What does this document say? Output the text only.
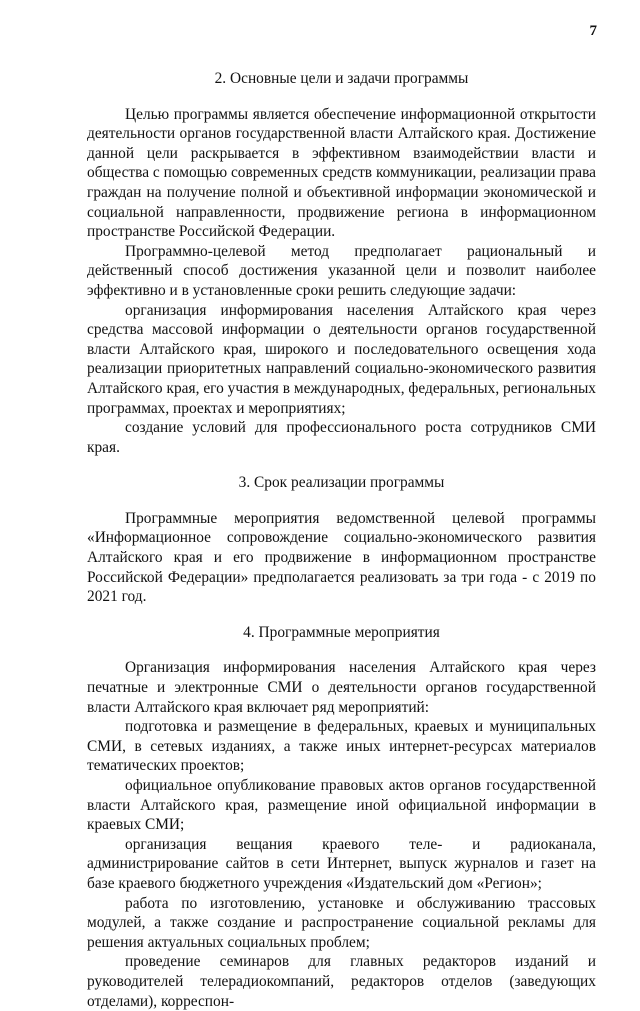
7
2. Основные цели и задачи программы

Целью программы является обеспечение информационной открытости деятельности органов государственной власти Алтайского края. Достижение данной цели раскрывается в эффективном взаимодействии власти и общества с помощью современных средств коммуникации, реализации права граждан на получение полной и объективной информации экономической и социальной направленности, продвижение региона в информационном пространстве Российской Федерации.

Программно-целевой метод предполагает рациональный и действенный способ достижения указанной цели и позволит наиболее эффективно и в установленные сроки решить следующие задачи:

организация информирования населения Алтайского края через средства массовой информации о деятельности органов государственной власти Алтайского края, широкого и последовательного освещения хода реализации приоритетных направлений социально-экономического развития Алтайского края, его участия в международных, федеральных, региональных программах, проектах и мероприятиях;

создание условий для профессионального роста сотрудников СМИ края.

3. Срок реализации программы

Программные мероприятия ведомственной целевой программы «Информационное сопровождение социально-экономического развития Алтайского края и его продвижение в информационном пространстве Российской Федерации» предполагается реализовать за три года - с 2019 по 2021 год.

4. Программные мероприятия

Организация информирования населения Алтайского края через печатные и электронные СМИ о деятельности органов государственной власти Алтайского края включает ряд мероприятий:

подготовка и размещение в федеральных, краевых и муниципальных СМИ, в сетевых изданиях, а также иных интернет-ресурсах материалов тематических проектов;

официальное опубликование правовых актов органов государственной власти Алтайского края, размещение иной официальной информации в краевых СМИ;

организация вещания краевого теле- и радиоканала, администрирование сайтов в сети Интернет, выпуск журналов и газет на базе краевого бюджетного учреждения «Издательский дом «Регион»;

работа по изготовлению, установке и обслуживанию трассовых модулей, а также создание и распространение социальной рекламы для решения актуальных социальных проблем;

проведение семинаров для главных редакторов изданий и руководителей телерадиокомпаний, редакторов отделов (заведующих отделами), корреспон-
